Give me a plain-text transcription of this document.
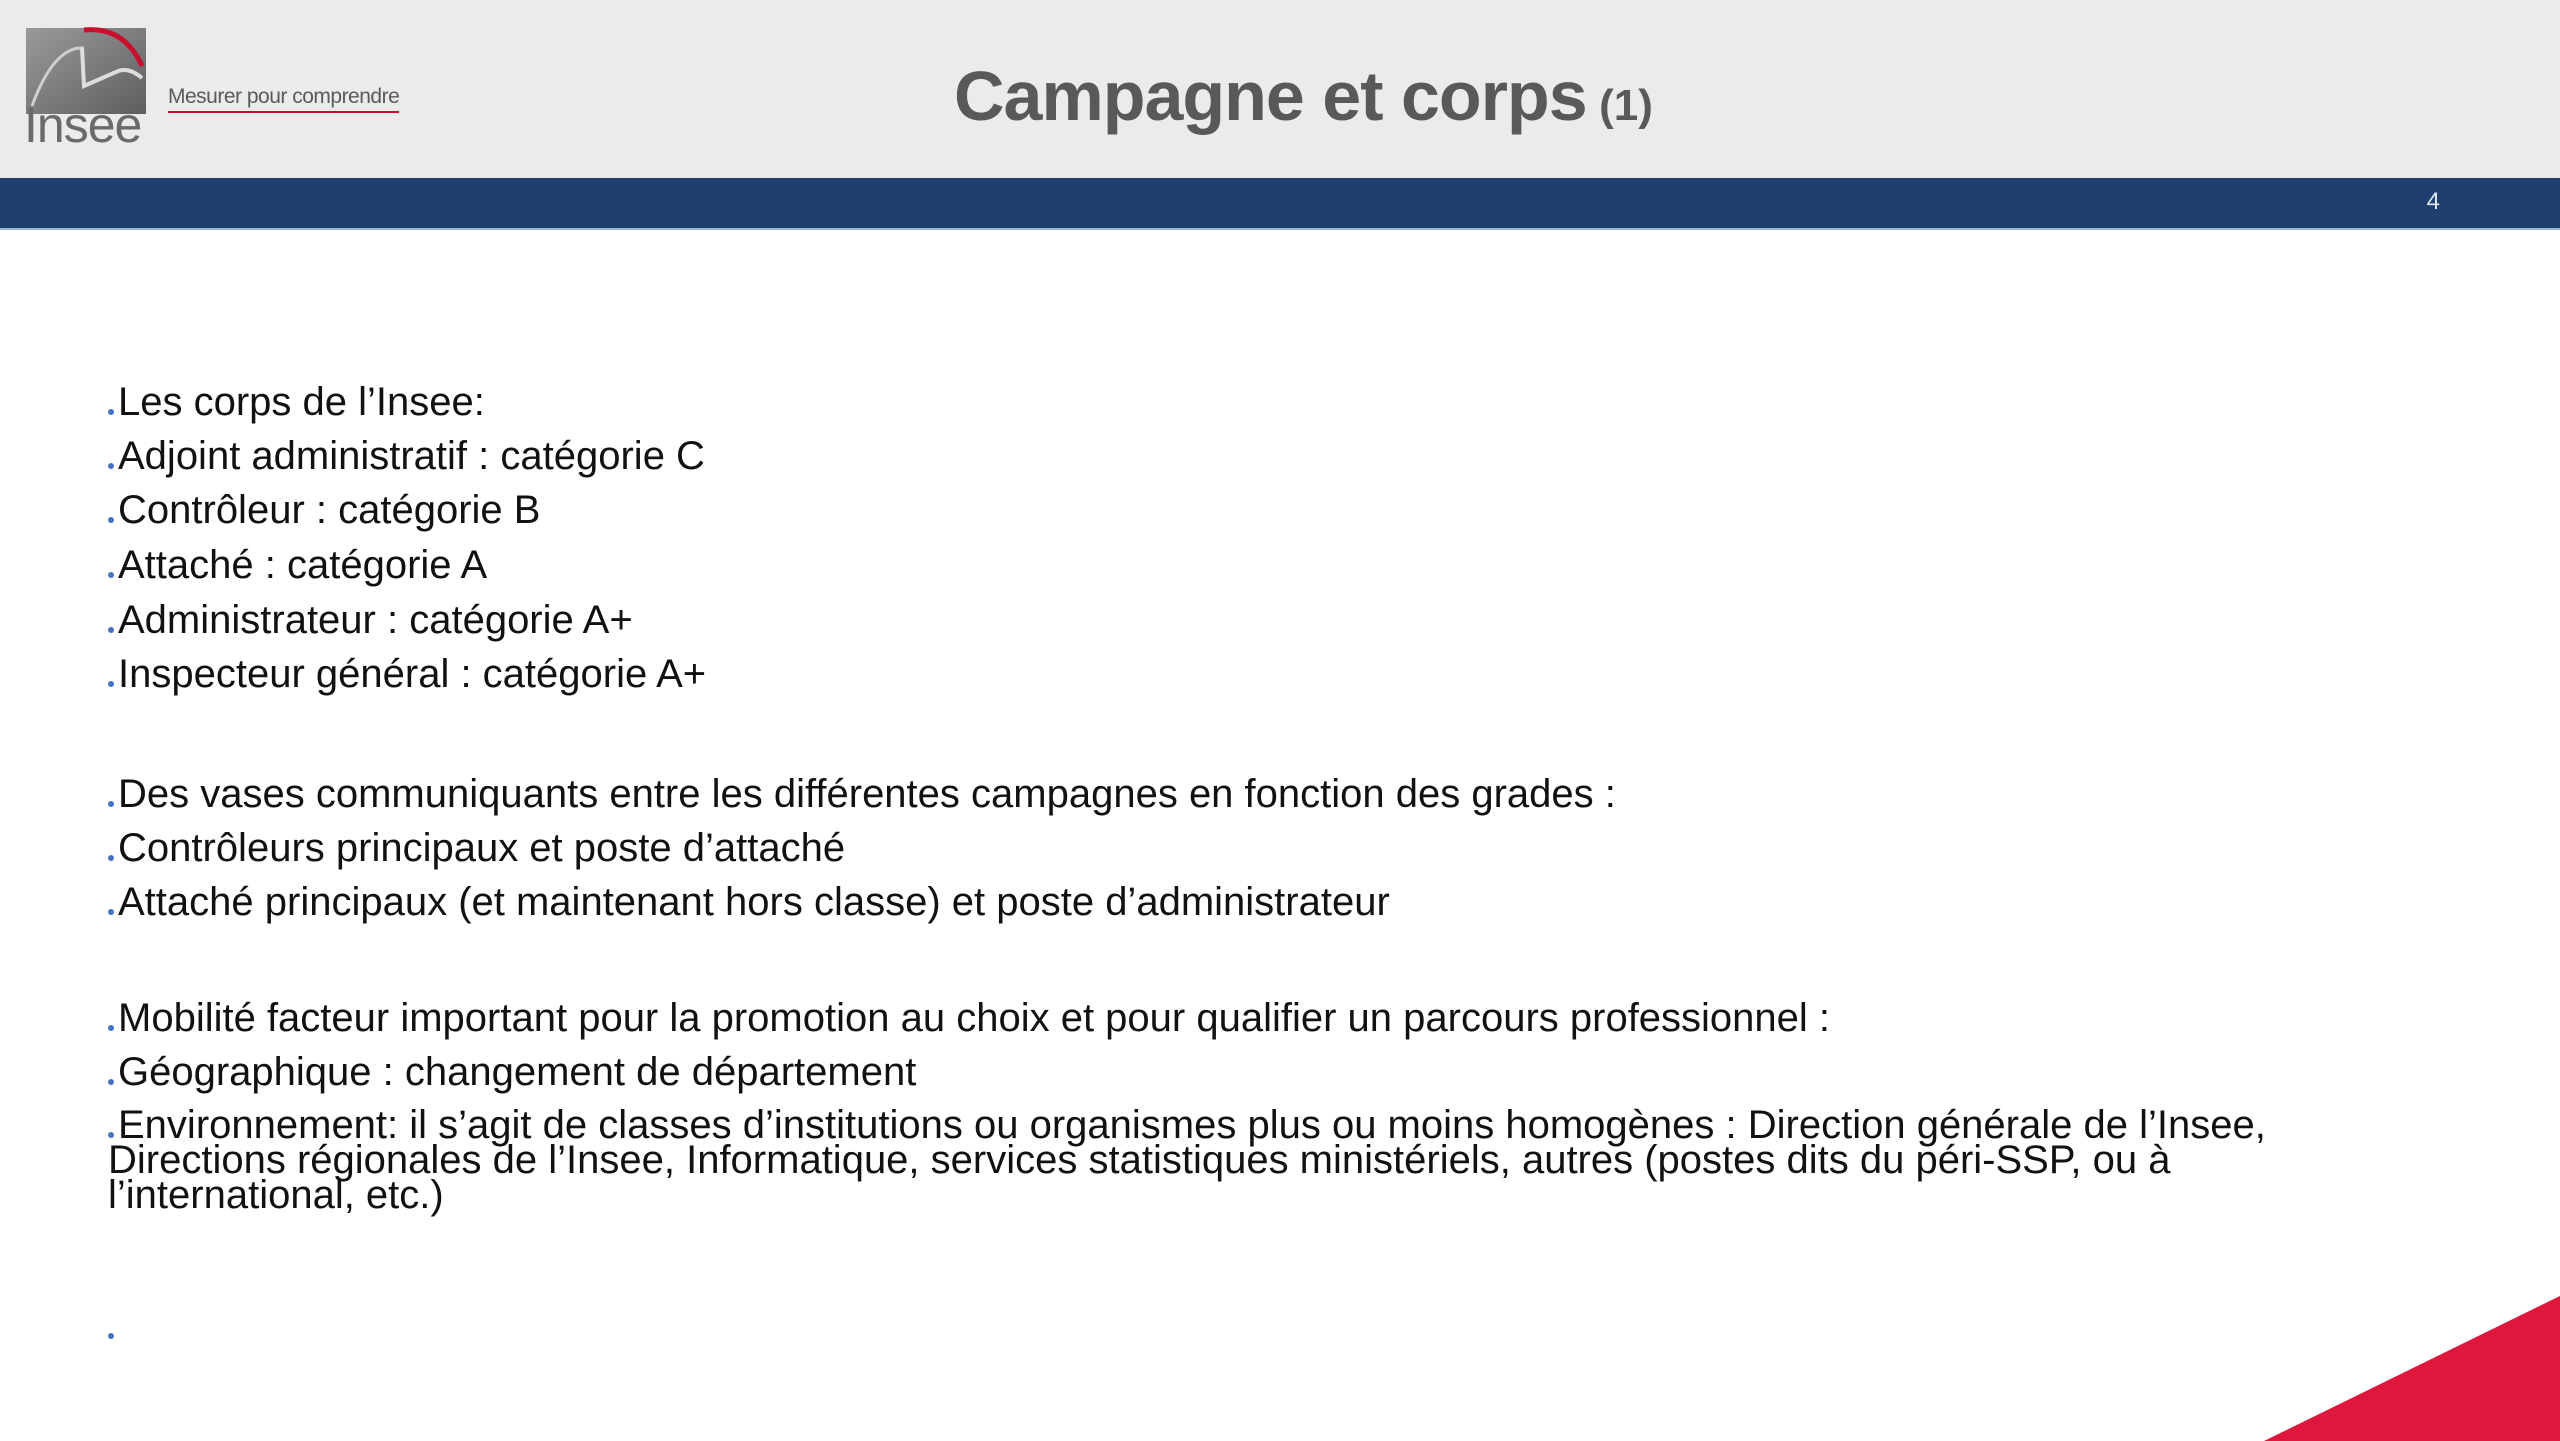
Insee
Mesurer pour comprendre	Campagne et corps (1)
4
Les corps de l’Insee:
Adjoint administratif : catégorie C
Contrôleur : catégorie B
Attaché : catégorie A
Administrateur : catégorie A+
Inspecteur général : catégorie A+
Des vases communiquants entre les différentes campagnes en fonction des grades :
Contrôleurs principaux et poste d’attaché
Attaché principaux (et maintenant hors classe) et poste d’administrateur
Mobilité facteur important pour la promotion au choix et pour qualifier un parcours professionnel :
Géographique : changement de département
Environnement: il s’agit de classes d’institutions ou organismes plus ou moins homogènes : Direction générale de l’Insee, Directions régionales de l’Insee, Informatique, services statistiques ministériels, autres (postes dits du péri-SSP, ou à l’international, etc.)
